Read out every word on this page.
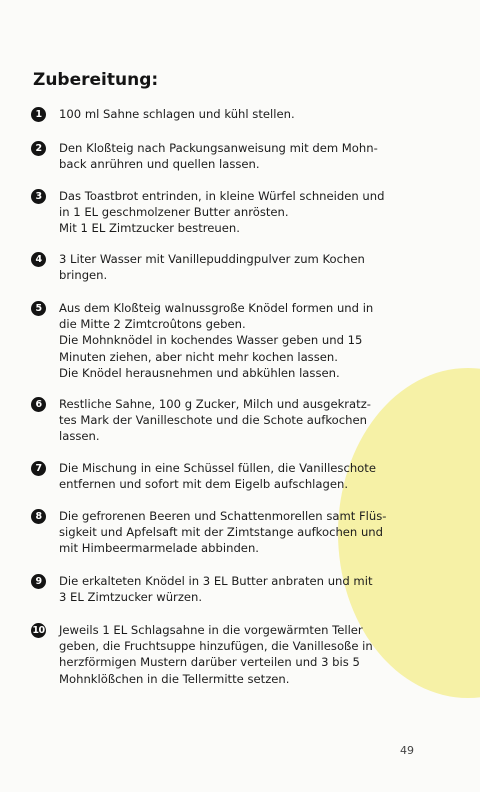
Zubereitung:
1	100 ml Sahne schlagen und kühl stellen.
2	Den Kloßteig nach Packungsanweisung mit dem Mohn-
back anrühren und quellen lassen.
3	Das Toastbrot entrinden, in kleine Würfel schneiden und
in 1 EL geschmolzener Butter anrösten.
Mit 1 EL Zimtzucker bestreuen.
4	3 Liter Wasser mit Vanillepuddingpulver zum Kochen
bringen.
5	Aus dem Kloßteig walnussgroße Knödel formen und in
die Mitte 2 Zimtcroûtons geben.
Die Mohnknödel in kochendes Wasser geben und 15
Minuten ziehen, aber nicht mehr kochen lassen.
Die Knödel herausnehmen und abkühlen lassen.
6	Restliche Sahne, 100 g Zucker, Milch und ausgekratz-
tes Mark der Vanilleschote und die Schote aufkochen
lassen.
7	Die Mischung in eine Schüssel füllen, die Vanilleschote
entfernen und sofort mit dem Eigelb aufschlagen.
8	Die gefrorenen Beeren und Schattenmorellen samt Flüs-
sigkeit und Apfelsaft mit der Zimtstange aufkochen und
mit Himbeermarmelade abbinden.
9	Die erkalteten Knödel in 3 EL Butter anbraten und mit
3 EL Zimtzucker würzen.
10 Jeweils 1 EL Schlagsahne in die vorgewärmten Teller
geben, die Fruchtsuppe hinzufügen, die Vanillesoße in
herzförmigen Mustern darüber verteilen und 3 bis 5
Mohnklößchen in die Tellermitte setzen.
49
